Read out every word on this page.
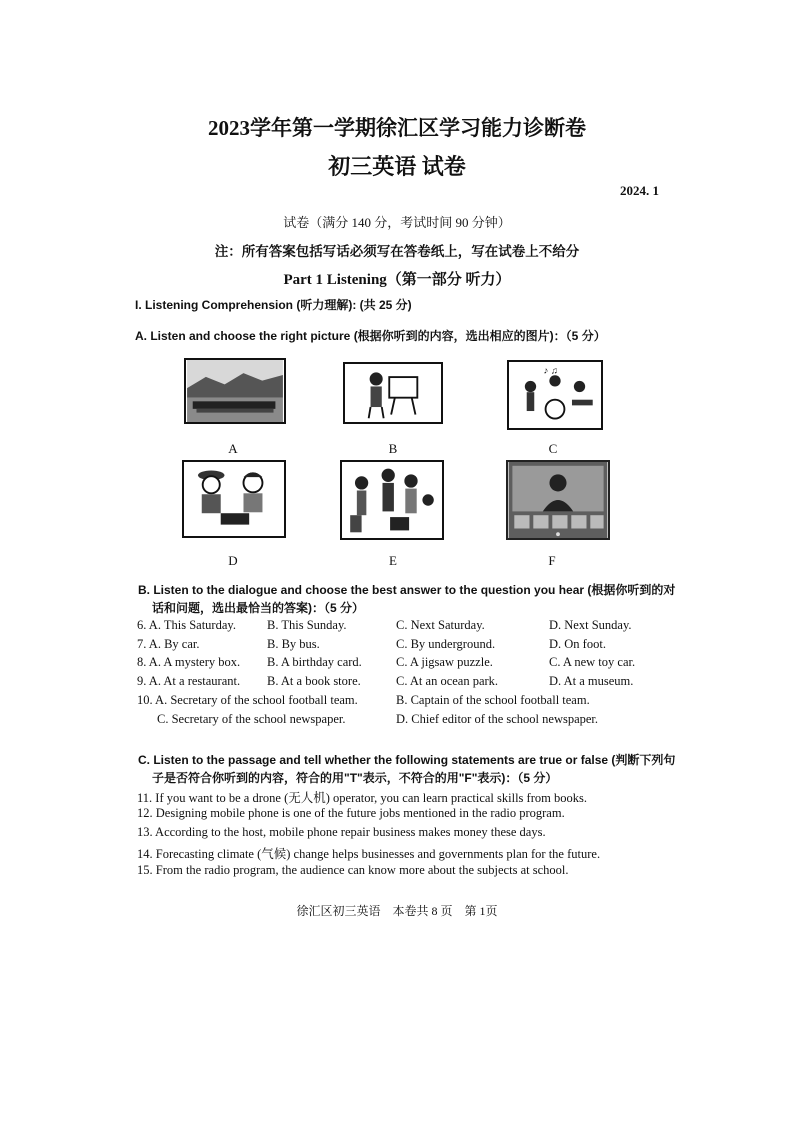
2023学年第一学期徐汇区学习能力诊断卷
初三英语 试卷
2024. 1
试卷（满分 140 分，考试时间 90 分钟）
注：所有答案包括写话必须写在答卷纸上，写在试卷上不给分
Part 1 Listening（第一部分 听力）
I. Listening Comprehension (听力理解): (共 25 分)
A. Listen and choose the right picture (根据你听到的内容，选出相应的图片)：（5 分）
♪ ♫
A	B	C
D	E	F
B. Listen to the dialogue and choose the best answer to the question you hear (根据你听到的对
话和问题，选出最恰当的答案)：（5 分）
6. A. This Saturday. B. This Sunday.	C. Next Saturday.	D. Next Sunday.
7. A. By car.	B. By bus.	C. By underground.	D. On foot.
8. A. A mystery box. B. A birthday card.	C. A jigsaw puzzle.	C. A new toy car.
9. A. At a restaurant. B. At a book store.	C. At an ocean park.	D. At a museum.
10. A. Secretary of the school football team.	B. Captain of the school football team.
C. Secretary of the school newspaper.	D. Chief editor of the school newspaper.
C. Listen to the passage and tell whether the following statements are true or false (判断下列句
子是否符合你听到的内容，符合的用"T"表示，不符合的用"F"表示)：（5 分）
11. If you want to be a drone (无人机) operator, you can learn practical skills from books.
12. Designing mobile phone is one of the future jobs mentioned in the radio program.
13. According to the host, mobile phone repair business makes money these days.
14. Forecasting climate (气候) change helps businesses and governments plan for the future.
15. From the radio program, the audience can know more about the subjects at school.
徐汇区初三英语　本卷共 8 页　第 1页
